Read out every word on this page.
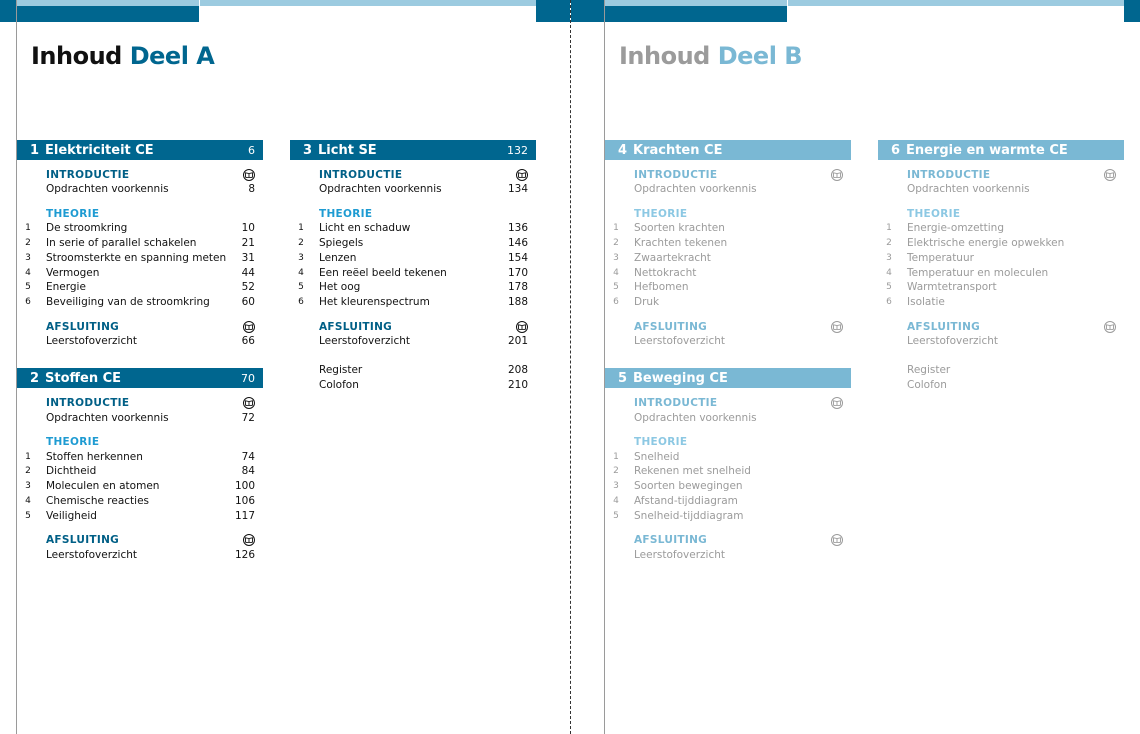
Inhoud Deel A	Inhoud Deel B
1 Elektriciteit CE	6
INTRODUCTIE
Opdrachten voorkennis	8
THEORIE
1	De stroomkring	10
2	In serie of parallel schakelen	21
3	Stroomsterkte en spanning meten	31
4	Vermogen	44
5	Energie	52
6	Beveiliging van de stroomkring	60
AFSLUITING
Leerstofoverzicht	66
2 Stoffen CE	70
INTRODUCTIE
Opdrachten voorkennis	72
THEORIE
1	Stoffen herkennen	74
2	Dichtheid	84
3	Moleculen en atomen	100
4	Chemische reacties	106
5	Veiligheid	117
AFSLUITING
Leerstofoverzicht	126
3 Licht SE	132
INTRODUCTIE
Opdrachten voorkennis	134
THEORIE
1	Licht en schaduw	136
2	Spiegels	146
3	Lenzen	154
4	Een reëel beeld tekenen	170
5	Het oog	178
6	Het kleurenspectrum	188
AFSLUITING
Leerstofoverzicht	201
Register	208
Colofon	210
4 Krachten CE
INTRODUCTIE
Opdrachten voorkennis
THEORIE
1	Soorten krachten
2	Krachten tekenen
3	Zwaartekracht
4	Nettokracht
5	Hefbomen
6	Druk
AFSLUITING
Leerstofoverzicht
5 Beweging CE
INTRODUCTIE
Opdrachten voorkennis
THEORIE
1	Snelheid
2	Rekenen met snelheid
3	Soorten bewegingen
4	Afstand-tijddiagram
5	Snelheid-tijddiagram
AFSLUITING
Leerstofoverzicht
6 Energie en warmte CE
INTRODUCTIE
Opdrachten voorkennis
THEORIE
1	Energie-omzetting
2	Elektrische energie opwekken
3	Temperatuur
4	Temperatuur en moleculen
5	Warmtetransport
6	Isolatie
AFSLUITING
Leerstofoverzicht
Register
Colofon
